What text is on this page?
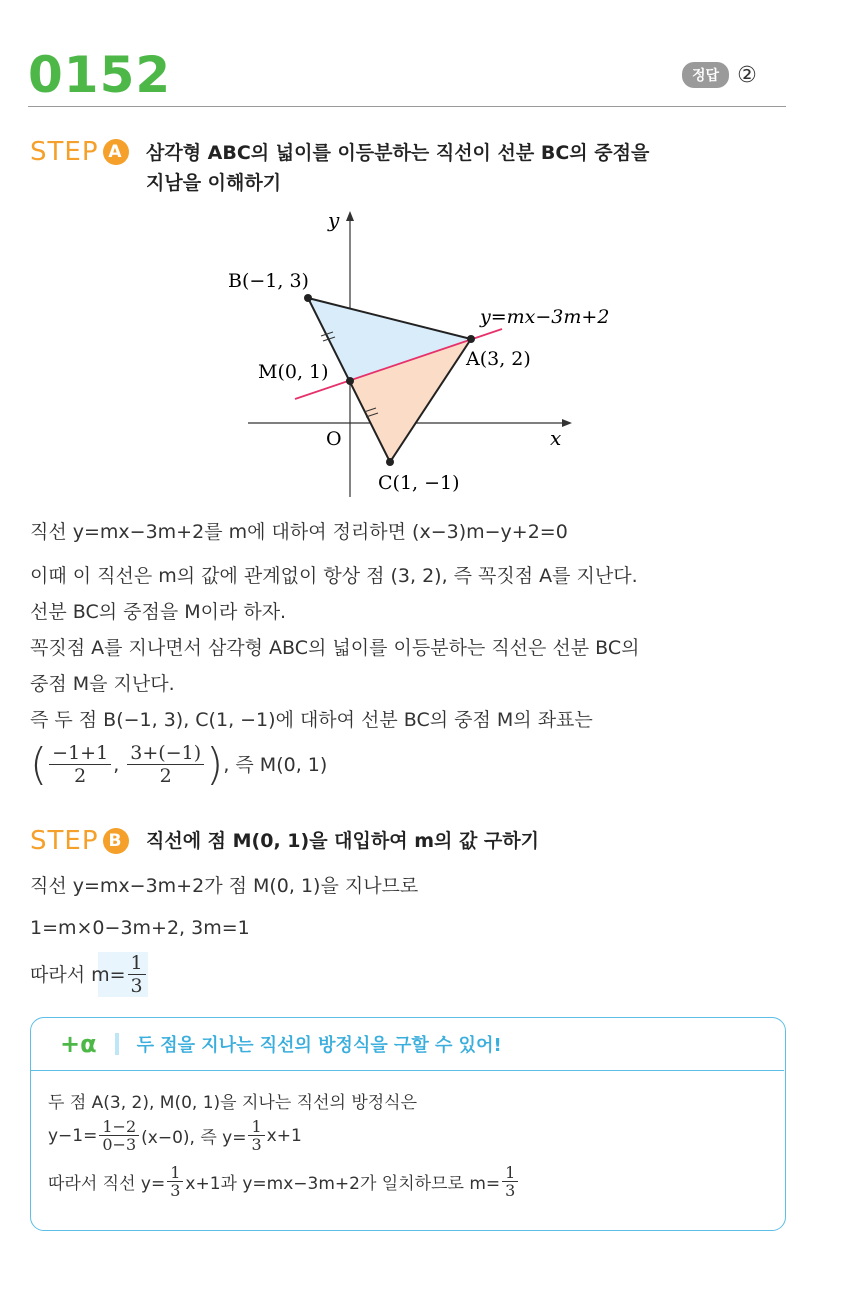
0152	정답 ②
STEP A	삼각형 ABC의 넓이를 이등분하는 직선이 선분 BC의 중점을
지남을 이해하기
y
x
O
B(−1, 3)
A(3, 2)
M(0, 1)
C(1, −1)
y=mx−3m+2
직선 y=mx−3m+2를 m에 대하여 정리하면 (x−3)m−y+2=0
이때 이 직선은 m의 값에 관계없이 항상 점 (3, 2), 즉 꼭짓점 A를 지난다.
선분 BC의 중점을 M이라 하자.
꼭짓점 A를 지나면서 삼각형 ABC의 넓이를 이등분하는 직선은 선분 BC의
중점 M을 지난다.
즉 두 점 B(−1, 3), C(1, −1)에 대하여 선분 BC의 중점 M의 좌표는
( $\frac{-1+1}{2}$ , $\frac{3+(-1)}{2}$ ) , 즉 M(0, 1)
STEP B	직선에 점 M(0, 1)을 대입하여 m의 값 구하기
직선 y=mx−3m+2가 점 M(0, 1)을 지나므로
1=m×0−3m+2, 3m=1
따라서 $m= \frac{1}{3}$
+α 두 점을 지나는 직선의 방정식을 구할 수 있어!
두 점 A(3, 2), M(0, 1)을 지나는 직선의 방정식은
$y-1= \frac{1-2}{0-3} (x-0)$, 즉 $y= \frac{1}{3} x+1$
따라서 직선 $y= \frac{1}{3} x+1$과 y=mx−3m+2가 일치하므로 $m= \frac{1}{3}$
